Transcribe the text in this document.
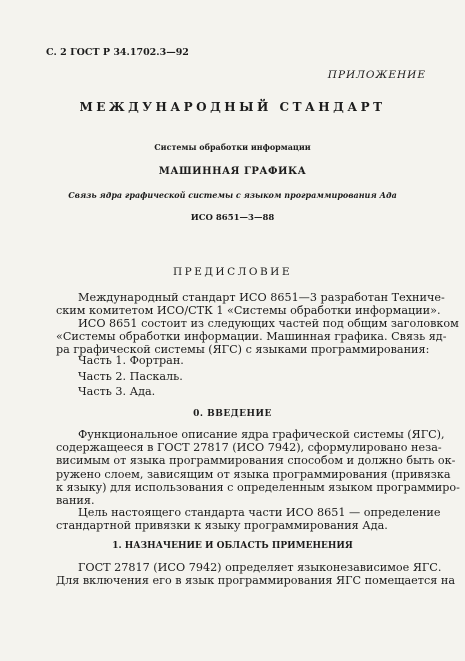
С. 2 ГОСТ Р 34.1702.3—92
ПРИЛОЖЕНИЕ
МЕЖДУНАРОДНЫЙ СТАНДАРТ
Системы обработки информации
МАШИННАЯ ГРАФИКА
Связь ядра графической системы с языком программирования Ада
ИСО 8651—3—88
ПРЕДИСЛОВИЕ
Международный стандарт ИСО 8651—3 разработан Техниче-
ским комитетом ИСО/СТК 1 «Системы обработки информации».
ИСО 8651 состоит из следующих частей под общим заголовком
«Системы обработки информации. Машинная графика. Связь яд-
ра графической системы (ЯГС) с языками программирования:
Часть 1. Фортран.
Часть 2. Паскаль.
Часть 3. Ада.
0. ВВЕДЕНИЕ
Функциональное описание ядра графической системы (ЯГС),
содержащееся в ГОСТ 27817 (ИСО 7942), сформулировано неза-
висимым от языка программирования способом и должно быть ок-
ружено слоем, зависящим от языка программирования (привязка
к языку) для использования с определенным языком программиро-
вания.
Цель настоящего стандарта части ИСО 8651 — определение
стандартной привязки к языку программирования Ада.
1. НАЗНАЧЕНИЕ И ОБЛАСТЬ ПРИМЕНЕНИЯ
ГОСТ 27817 (ИСО 7942) определяет языконезависимое ЯГС.
Для включения его в язык программирования ЯГС помещается на
